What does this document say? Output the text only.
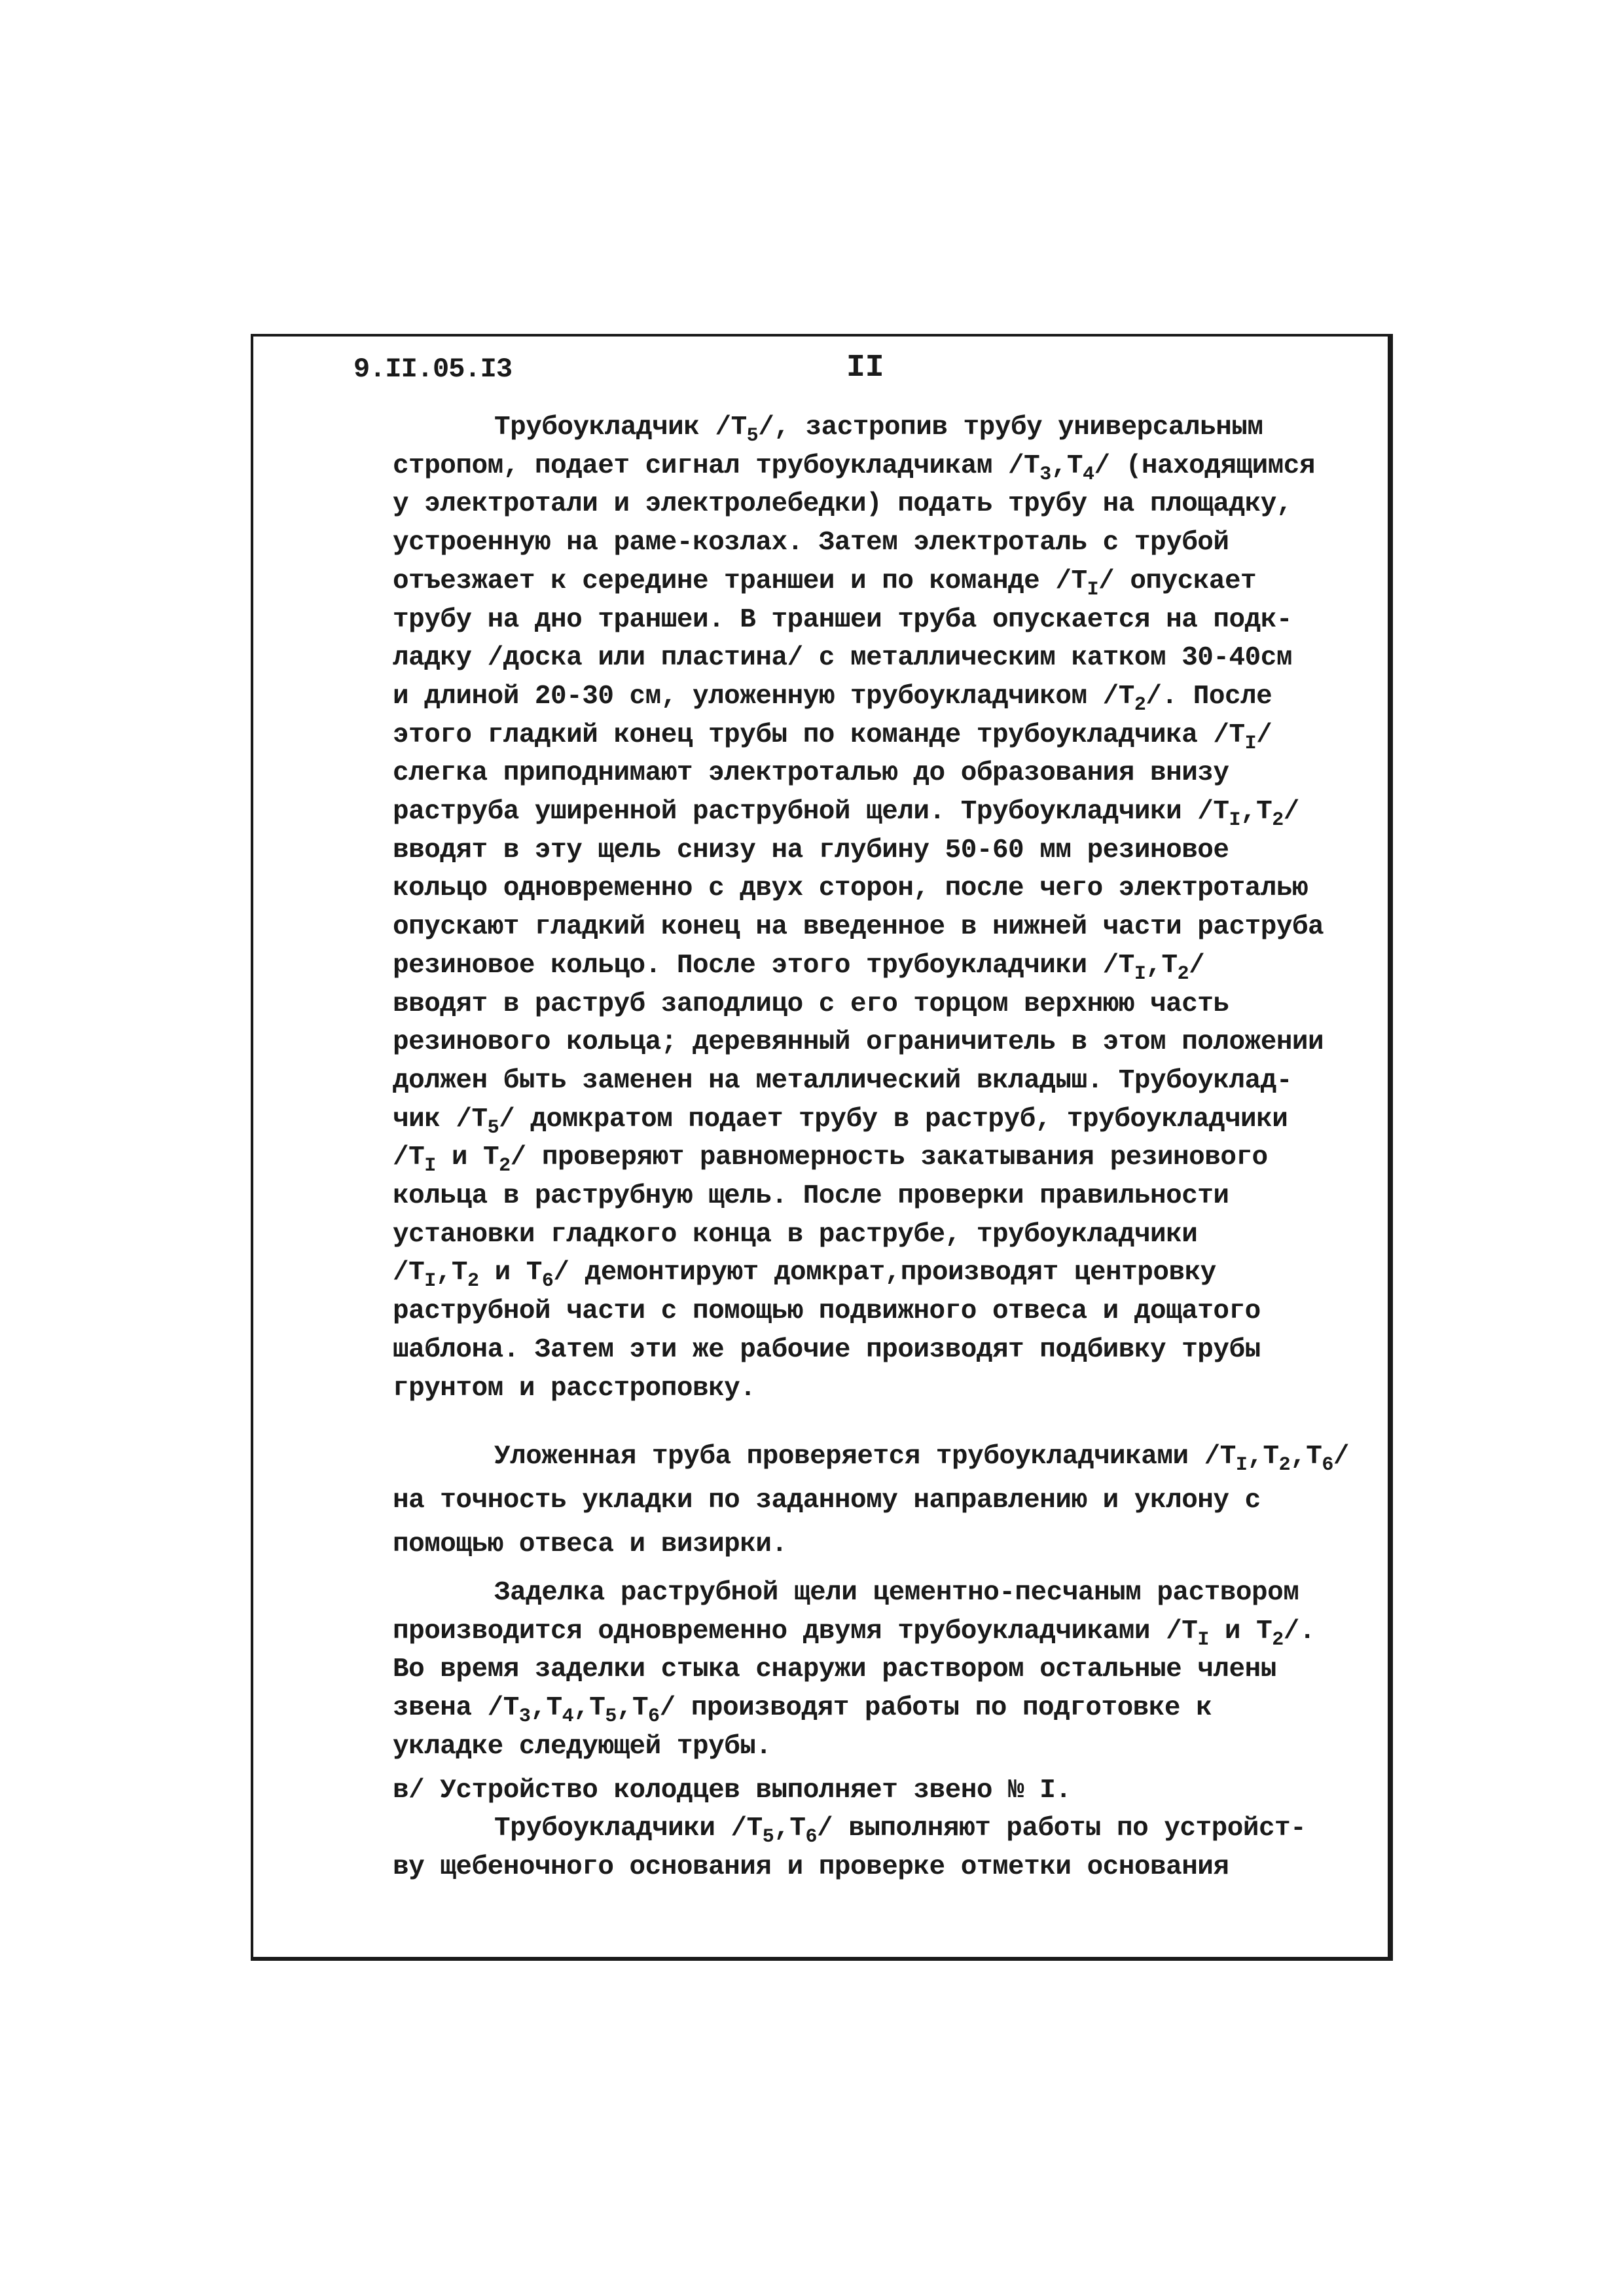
9.II.05.I3	II
Трубоукладчик $/T_5/$, застропив трубу универсальным
стропом, подает сигнал трубоукладчикам $/T_3,T_4/$ (находящимся
у электротали и электролебедки) подать трубу на площадку,
устроенную на раме-козлах. Затем электроталь с трубой
отъезжает к середине траншеи и по команде $/T_I/$ опускает
трубу на дно траншеи. В траншеи труба опускается на подк-
ладку /доска или пластина/ с металлическим катком 30-40см
и длиной 20-30 см, уложенную трубоукладчиком $/T_2/$. После
этого гладкий конец трубы по команде трубоукладчика $/T_I/$
слегка приподнимают электроталью до образования внизу
раструба уширенной раструбной щели. Трубоукладчики $/T_I,T_2/$
вводят в эту щель снизу на глубину 50-60 мм резиновое
кольцо одновременно с двух сторон, после чего электроталью
опускают гладкий конец на введенное в нижней части раструба
резиновое кольцо. После этого трубоукладчики $/T_I,T_2/$
вводят в раструб заподлицо с его торцом верхнюю часть
резинового кольца; деревянный ограничитель в этом положении
должен быть заменен на металлический вкладыш. Трубоуклад-
чик $/T_5/$ домкратом подает трубу в раструб, трубоукладчики
$/T_I$ и $T_2/$ проверяют равномерность закатывания резинового
кольца в раструбную щель. После проверки правильности
установки гладкого конца в раструбе, трубоукладчики
$/T_I,T_2$ и $T_6/$ демонтируют домкрат,производят центровку
раструбной части с помощью подвижного отвеса и дощатого
шаблона. Затем эти же рабочие производят подбивку трубы
грунтом и расстроповку.
Уложенная труба проверяется трубоукладчиками $/T_I,T_2,T_6/$
на точность укладки по заданному направлению и уклону с
помощью отвеса и визирки.
Заделка раструбной щели цементно-песчаным раствором
производится одновременно двумя трубоукладчиками $/T_I$ и $T_2/$.
Во время заделки стыка снаружи раствором остальные члены
звена $/T_3,T_4,T_5,T_6/$ производят работы по подготовке к
укладке следующей трубы.
в/ Устройство колодцев выполняет звено № I.
Трубоукладчики $/T_5,T_6/$ выполняют работы по устройст-
ву щебеночного основания и проверке отметки основания
